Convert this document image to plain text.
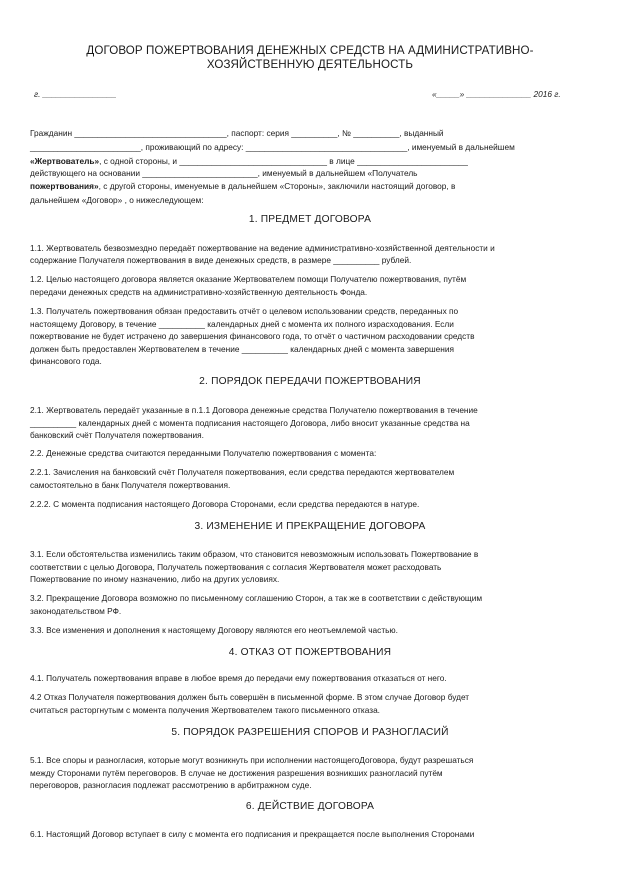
ДОГОВОР ПОЖЕРТВОВАНИЯ ДЕНЕЖНЫХ СРЕДСТВ НА АДМИНИСТРАТИВНО-
ХОЗЯЙСТВЕННУЮ ДЕЯТЕЛЬНОСТЬ
г. ________________	«_____» ______________ 2016 г.
Гражданин _________________________________, паспорт: серия __________, № __________, выданный
________________________, проживающий по адресу: ___________________________________, именуемый в дальнейшем
«Жертвователь», с одной стороны, и ________________________________ в лице ________________________
действующего на основании _________________________, именуемый в дальнейшем «Получатель
пожертвования», с другой стороны, именуемые в дальнейшем «Стороны», заключили настоящий договор, в
дальнейшем «Договор» , о нижеследующем:
1. ПРЕДМЕТ ДОГОВОРА
1.1. Жертвователь безвозмездно передаёт пожертвование на ведение административно-хозяйственной деятельности и
содержание Получателя пожертвования в виде денежных средств, в размере __________ рублей.
1.2. Целью настоящего договора является оказание Жертвователем помощи Получателю пожертвования, путём
передачи денежных средств на административно-хозяйственную деятельность Фонда.
1.3. Получатель пожертвования обязан предоставить отчёт о целевом использовании средств, переданных по
настоящему Договору, в течение __________ календарных дней с момента их полного израсходования. Если
пожертвование не будет истрачено до завершения финансового года, то отчёт о частичном расходовании средств
должен быть предоставлен Жертвователем в течение __________ календарных дней с момента завершения
финансового года.
2. ПОРЯДОК ПЕРЕДАЧИ ПОЖЕРТВОВАНИЯ
2.1. Жертвователь передаёт указанные в п.1.1 Договора денежные средства Получателю пожертвования в течение
__________ календарных дней с момента подписания настоящего Договора, либо вносит указанные средства на
банковский счёт Получателя пожертвования.
2.2. Денежные средства считаются переданными Получателю пожертвования с момента:
2.2.1. Зачисления на банковский счёт Получателя пожертвования, если средства передаются жертвователем
самостоятельно в банк Получателя пожертвования.
2.2.2. С момента подписания настоящего Договора Сторонами, если средства передаются в натуре.
3. ИЗМЕНЕНИЕ И ПРЕКРАЩЕНИЕ ДОГОВОРА
3.1. Если обстоятельства изменились таким образом, что становится невозможным использовать Пожертвование в
соответствии с целью Договора, Получатель пожертвования с согласия Жертвователя может расходовать
Пожертвование по иному назначению, либо на других условиях.
3.2. Прекращение Договора возможно по письменному соглашению Сторон, а так же в соответствии с действующим
законодательством РФ.
3.3. Все изменения и дополнения к настоящему Договору являются его неотъемлемой частью.
4. ОТКАЗ ОТ ПОЖЕРТВОВАНИЯ
4.1. Получатель пожертвования вправе в любое время до передачи ему пожертвования отказаться от него.
4.2 Отказ Получателя пожертвования должен быть совершён в письменной форме. В этом случае Договор будет
считаться расторгнутым с момента получения Жертвователем такого письменного отказа.
5. ПОРЯДОК РАЗРЕШЕНИЯ СПОРОВ И РАЗНОГЛАСИЙ
5.1. Все споры и разногласия, которые могут возникнуть при исполнении настоящегоДоговора, будут разрешаться
между Сторонами путём переговоров. В случае не достижения разрешения возникших разногласий путём
переговоров, разногласия подлежат рассмотрению в арбитражном суде.
6. ДЕЙСТВИЕ ДОГОВОРА
6.1. Настоящий Договор вступает в силу с момента его подписания и прекращается после выполнения Сторонами
